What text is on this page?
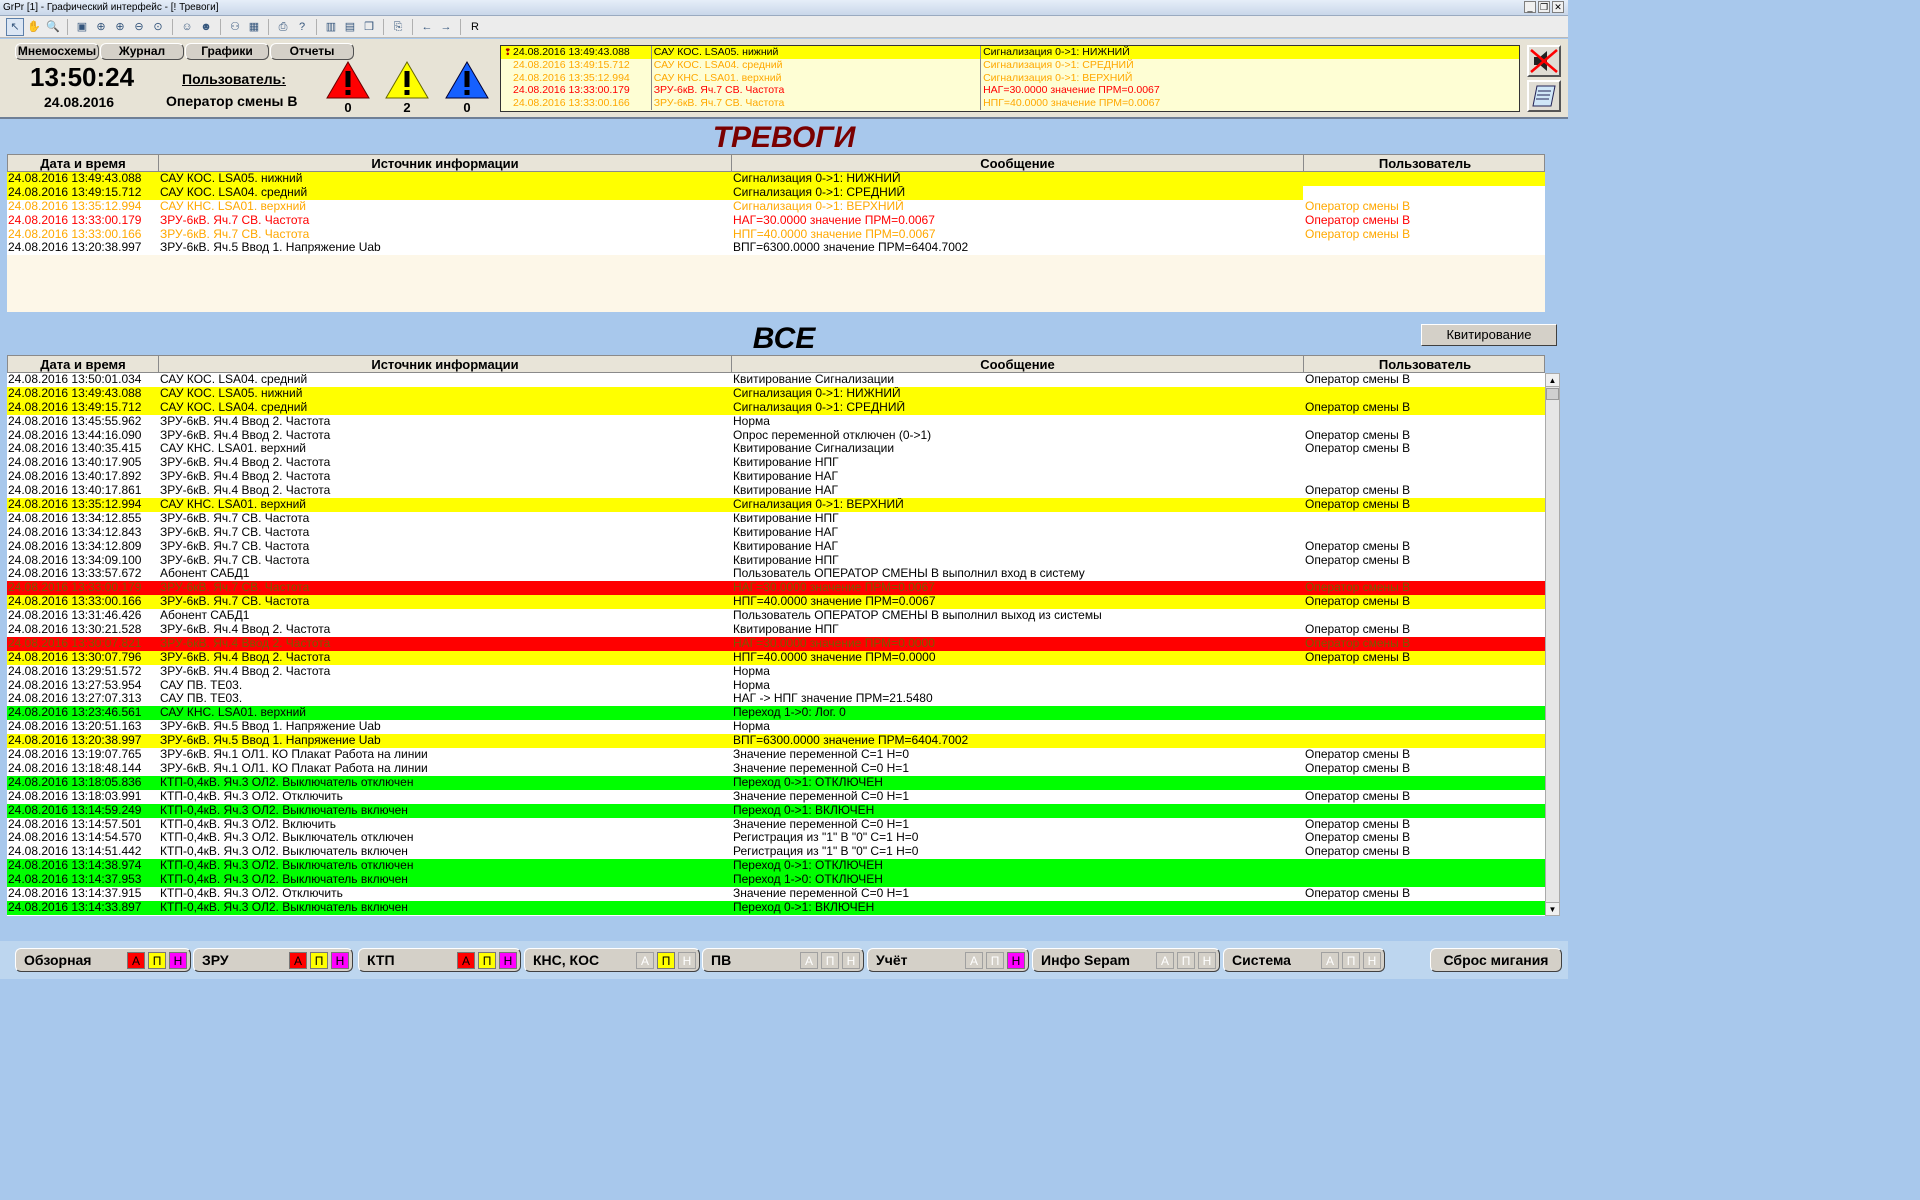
GrPr [1] - Графический интерфейс - [! Тревоги]	_ ❐ ✕
↖ ✋ 🔍	▣ ⊕ ⊕ ⊖ ⊙	☺ ☻	⚇ ▦	⎙	?	▥ ▤ ❒	⎘	← →	R
Мнемосхемы	Журнал	Графики	Отчеты
13:50:24
24.08.2016
Пользователь:
Оператор смены В	0	2	0
❢ 24.08.2016 13:49:43.088	САУ КОС. LSA05. нижний	Сигнализация 0->1: НИЖНИЙ
24.08.2016 13:49:15.712	САУ КОС. LSA04. средний	Сигнализация 0->1: СРЕДНИЙ
24.08.2016 13:35:12.994	САУ КНС. LSA01. верхний	Сигнализация 0->1: ВЕРХНИЙ
24.08.2016 13:33:00.179	ЗРУ-6кВ. Яч.7 СВ. Частота	НАГ=30.0000 значение ПРМ=0.0067
24.08.2016 13:33:00.166	ЗРУ-6кВ. Яч.7 СВ. Частота	НПГ=40.0000 значение ПРМ=0.0067
ТРЕВОГИ
Дата и время	Источник информации	Сообщение	Пользователь
24.08.2016 13:49:43.088	САУ КОС. LSA05. нижний	Сигнализация 0->1: НИЖНИЙ
24.08.2016 13:49:15.712	САУ КОС. LSA04. средний	Сигнализация 0->1: СРЕДНИЙ
24.08.2016 13:35:12.994	САУ КНС. LSA01. верхний	Сигнализация 0->1: ВЕРХНИЙ	Оператор смены В
24.08.2016 13:33:00.179	ЗРУ-6кВ. Яч.7 СВ. Частота	НАГ=30.0000 значение ПРМ=0.0067	Оператор смены В
24.08.2016 13:33:00.166	ЗРУ-6кВ. Яч.7 СВ. Частота	НПГ=40.0000 значение ПРМ=0.0067	Оператор смены В
24.08.2016 13:20:38.997	ЗРУ-6кВ. Яч.5 Ввод 1. Напряжение Uab	ВПГ=6300.0000 значение ПРМ=6404.7002
ВСЕ	Квитирование
Дата и время	Источник информации	Сообщение	Пользователь
24.08.2016 13:50:01.034	САУ КОС. LSA04. средний	Квитирование Сигнализации	Оператор смены В
24.08.2016 13:49:43.088	САУ КОС. LSA05. нижний	Сигнализация 0->1: НИЖНИЙ
24.08.2016 13:49:15.712	САУ КОС. LSA04. средний	Сигнализация 0->1: СРЕДНИЙ	Оператор смены В
24.08.2016 13:45:55.962	ЗРУ-6кВ. Яч.4 Ввод 2. Частота	Норма
24.08.2016 13:44:16.090	ЗРУ-6кВ. Яч.4 Ввод 2. Частота	Опрос переменной отключен (0->1)	Оператор смены В
24.08.2016 13:40:35.415	САУ КНС. LSA01. верхний	Квитирование Сигнализации	Оператор смены В
24.08.2016 13:40:17.905	ЗРУ-6кВ. Яч.4 Ввод 2. Частота	Квитирование НПГ
24.08.2016 13:40:17.892	ЗРУ-6кВ. Яч.4 Ввод 2. Частота	Квитирование НАГ
24.08.2016 13:40:17.861	ЗРУ-6кВ. Яч.4 Ввод 2. Частота	Квитирование НАГ	Оператор смены В
24.08.2016 13:35:12.994	САУ КНС. LSA01. верхний	Сигнализация 0->1: ВЕРХНИЙ	Оператор смены В
24.08.2016 13:34:12.855	ЗРУ-6кВ. Яч.7 СВ. Частота	Квитирование НПГ
24.08.2016 13:34:12.843	ЗРУ-6кВ. Яч.7 СВ. Частота	Квитирование НАГ
24.08.2016 13:34:12.809	ЗРУ-6кВ. Яч.7 СВ. Частота	Квитирование НАГ	Оператор смены В
24.08.2016 13:34:09.100	ЗРУ-6кВ. Яч.7 СВ. Частота	Квитирование НПГ	Оператор смены В
24.08.2016 13:33:57.672	Абонент САБД1	Пользователь ОПЕРАТОР СМЕНЫ В выполнил вход в систему
24.08.2016 13:33:00.179	ЗРУ-6кВ. Яч.7 СВ. Частота	НАГ=30.0000 значение ПРМ=0.0067	Оператор смены В
24.08.2016 13:33:00.166	ЗРУ-6кВ. Яч.7 СВ. Частота	НПГ=40.0000 значение ПРМ=0.0067	Оператор смены В
24.08.2016 13:31:46.426	Абонент САБД1	Пользователь ОПЕРАТОР СМЕНЫ В выполнил выход из системы
24.08.2016 13:30:21.528	ЗРУ-6кВ. Яч.4 Ввод 2. Частота	Квитирование НПГ	Оператор смены В
24.08.2016 13:30:07.821	ЗРУ-6кВ. Яч.4 Ввод 2. Частота	НАГ=30.0000 значение ПРМ=0.0000	Оператор смены В
24.08.2016 13:30:07.796	ЗРУ-6кВ. Яч.4 Ввод 2. Частота	НПГ=40.0000 значение ПРМ=0.0000	Оператор смены В
24.08.2016 13:29:51.572	ЗРУ-6кВ. Яч.4 Ввод 2. Частота	Норма
24.08.2016 13:27:53.954	САУ ПВ. ТЕ03.	Норма
24.08.2016 13:27:07.313	САУ ПВ. ТЕ03.	НАГ -> НПГ значение ПРМ=21.5480
24.08.2016 13:23:46.561	САУ КНС. LSA01. верхний	Переход 1->0: Лог. 0
24.08.2016 13:20:51.163	ЗРУ-6кВ. Яч.5 Ввод 1. Напряжение Uab	Норма
24.08.2016 13:20:38.997	ЗРУ-6кВ. Яч.5 Ввод 1. Напряжение Uab	ВПГ=6300.0000 значение ПРМ=6404.7002
24.08.2016 13:19:07.765	ЗРУ-6кВ. Яч.1 ОЛ1. КО Плакат Работа на линии	Значение переменной С=1 Н=0	Оператор смены В
24.08.2016 13:18:48.144	ЗРУ-6кВ. Яч.1 ОЛ1. КО Плакат Работа на линии	Значение переменной С=0 Н=1	Оператор смены В
24.08.2016 13:18:05.836	КТП-0,4кВ. Яч.3 ОЛ2. Выключатель отключен	Переход 0->1: ОТКЛЮЧЕН
24.08.2016 13:18:03.991	КТП-0,4кВ. Яч.3 ОЛ2. Отключить	Значение переменной С=0 Н=1	Оператор смены В
24.08.2016 13:14:59.249	КТП-0,4кВ. Яч.3 ОЛ2. Выключатель включен	Переход 0->1: ВКЛЮЧЕН
24.08.2016 13:14:57.501	КТП-0,4кВ. Яч.3 ОЛ2. Включить	Значение переменной С=0 Н=1	Оператор смены В
24.08.2016 13:14:54.570	КТП-0,4кВ. Яч.3 ОЛ2. Выключатель отключен	Регистрация из "1" В "0" С=1 Н=0	Оператор смены В
24.08.2016 13:14:51.442	КТП-0,4кВ. Яч.3 ОЛ2. Выключатель включен	Регистрация из "1" В "0" С=1 Н=0	Оператор смены В
24.08.2016 13:14:38.974	КТП-0,4кВ. Яч.3 ОЛ2. Выключатель отключен	Переход 0->1: ОТКЛЮЧЕН
24.08.2016 13:14:37.953	КТП-0,4кВ. Яч.3 ОЛ2. Выключатель включен	Переход 1->0: ОТКЛЮЧЕН
24.08.2016 13:14:37.915	КТП-0,4кВ. Яч.3 ОЛ2. Отключить	Значение переменной С=0 Н=1	Оператор смены В
24.08.2016 13:14:33.897	КТП-0,4кВ. Яч.3 ОЛ2. Выключатель включен	Переход 0->1: ВКЛЮЧЕН
▲
▼
Обзорная	А	П	Н	ЗРУ	А	П	Н	КТП	А	П	Н	КНС, КОС	А	П	Н	ПВ	А	П	Н	Учёт	А	П	Н	Инфо Sepam	А	П	Н	Система	А	П	Н	Сброс мигания
